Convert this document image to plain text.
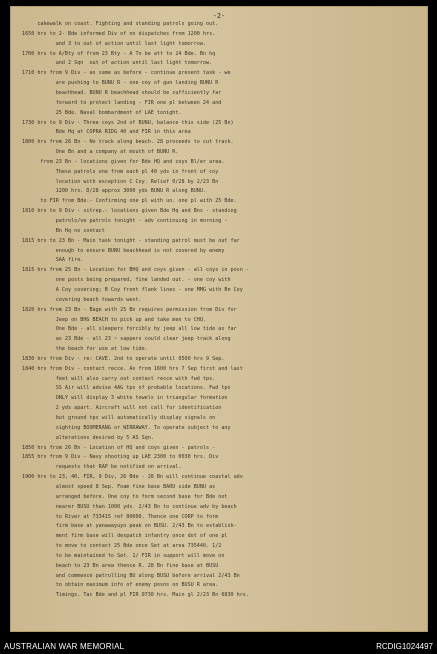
-2-
cakewalk on coast. Fighting and standing patrols going out.
1650 hrs to 2- Bde informed Div of no dispatches from 1200 hrs.
and 3 to out of action until last light tomorrow.
1700 hrs to A/Bty of from 23 Bty - A To be att to 24 Bde. Bn hq
and 2 Sqn  out of action until last light tomorrow.
1710 hrs from 9 Div - as same as before - continue present task - we
are pushing to BUNU R - one coy of gun landing BUNU R
beachhead. BUNU R beachhead should be sufficiently far
forward to protect landing - FIR one pl between 24 and
25 Bde. Naval bombardment of LAE tonight.
1730 hrs to 9 Div - Three coys 2nd of BUNU, balance this side (25 Bn)
Bde Hq at COPRA RIDG 40 and FIR in this area
1800 hrs from 26 Bn - No track along beach. 28 proceeds to cut track.
One Bn and a company at mouth of BUNU R.
from 23 Bn - locations given for Bde HQ and coys Bl/er area.
These patrols one from each pl 40 yds in front of coy
location with exception C Coy. Relief 0/28 by 2/23 Bn
1200 hrs. D/28 approx 3000 yds BUNU R along BUNU.
to FIR from Bde.- Confirming one pl with un. one pl with 25 Bde.
1810 hrs to 9 Div - sitrep.- locations given Bde Hq and Bns - standing
patrols/ve patrols tonight - adv continuing in morning -
Bn Hq no contact
1815 hrs to 23 Bn - Main task tonight - standing patrol must be out far
enough to ensure BUNU beachhead is not covered by enemy
SAA fire.
1815 hrs from 25 Bn - Location for BHQ and coys given - all coys in posn -
one posts being prepared, fine landed out. - one coy with
A Coy covering; B Coy front flank lines - one MMG with Bn Coy
covering beach towards west.
1820 hrs from 23 Bn - Bage with 25 Bn requires permission from Div for
Jeep on BHG BEACH to pick up and take men to CHQ.
One Bde - all sleepers forcibly by jeep all low tide as far
as 23 Bde - all 23 ~ sappers could clear jeep track along
the beach for use at low tide.
1830 hrs from Div - re: CAVE. 2nd to operate until 0500 hrs 9 Sep.
1840 hrs from Div - contact recce. As from 1600 hrs 7 Sep first and last
feet will also carry out contact recce with fwd tps.
SS Air will advise 4AG tps of probable locations. Fwd tps
ONLY will display 3 white towels in triangular formation
2 yds apart. Aircraft will not call for identification
but ground tps will automatically display signals on
sighting BOOMERANG or WIRRAWAY. To operate subject to any
alterations desired by 5 AS Sqn.
1850 hrs from 26 Bn - Location of HQ and coys given - patrols -
1855 hrs from 9 Div - Navy shooting up LAE 2300 to 0030 hrs. Div
requests that RAP be notified on arrival.
1900 hrs to 23, 40, FIR, 9 Div, 26 Bde - 28 Bn will continue coastal adv
almost speed 8 Sep. Foam fine base BARU side BUNU as
arranged before. One coy to form second base for Bde not
nearer BUSU than 1000 yds. 2/43 Bn to continue adv by beach
to River at 733415 ref 80000. Thence one CORP to form
firm base at yanawayuyo peak on BUSU. 2/43 Bn to establish-
ment firm base will despatch infantry once dot of one pl
to move to contact 25 Bde once Set at area 735440. 1/2
to be maintained to Set. 1/ FIR in support will move on
beach to 23 Bn area thence R. 28 Bn fine base at BUSU
and commence patrolling BU along BUSU before arrival 2/43 Bn
to obtain maximum info of enemy posns on BUSU R area.
Timings. Tac Bde and pl FIR 0730 hrs. Main gl 2/23 Bn 0830 hrs.
AUSTRALIAN WAR MEMORIAL	RCDIG1024497
